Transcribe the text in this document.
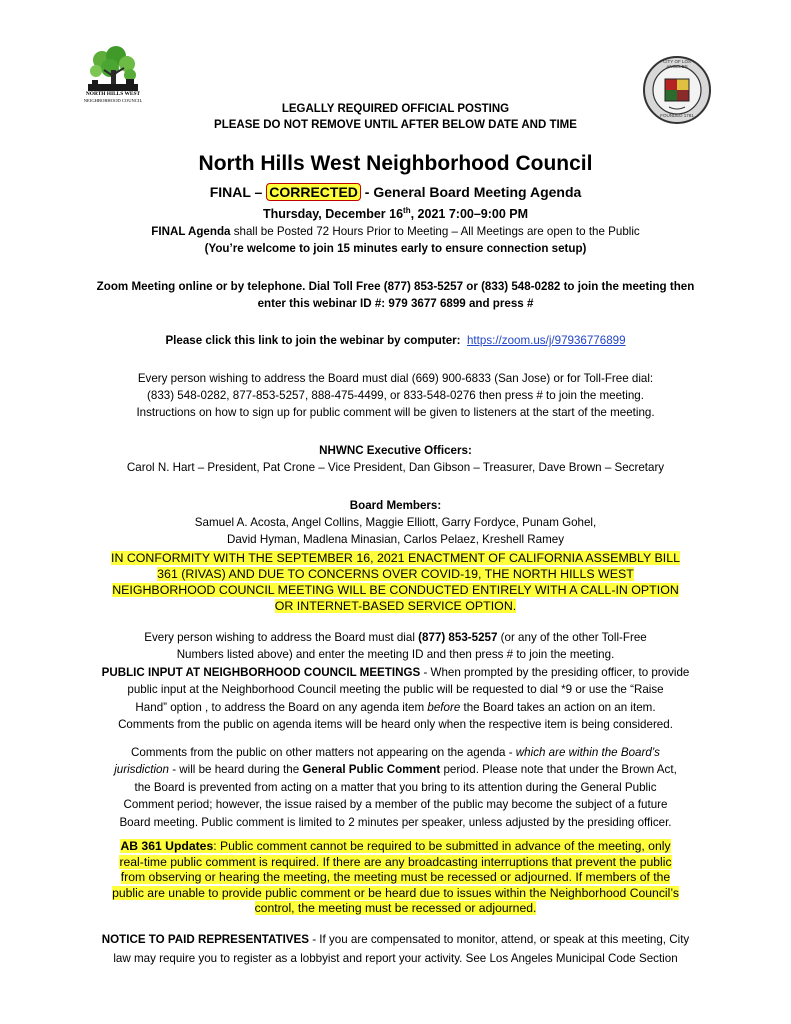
NORTH HILLS WEST
NEIGHBORHOOD COUNCIL
CITY OF LOS ANGELES
FOUNDED 1781
LEGALLY REQUIRED OFFICIAL POSTING
PLEASE DO NOT REMOVE UNTIL AFTER BELOW DATE AND TIME
North Hills West Neighborhood Council
FINAL – CORRECTED - General Board Meeting Agenda
Thursday, December 16th, 2021 7:00–9:00 PM
FINAL Agenda shall be Posted 72 Hours Prior to Meeting – All Meetings are open to the Public
(You’re welcome to join 15 minutes early to ensure connection setup)
Zoom Meeting online or by telephone. Dial Toll Free (877) 853-5257 or (833) 548-0282 to join the meeting then
enter this webinar ID #: 979 3677 6899 and press #
Please click this link to join the webinar by computer: https://zoom.us/j/97936776899
Every person wishing to address the Board must dial (669) 900-6833 (San Jose) or for Toll-Free dial:
(833) 548-0282, 877-853-5257, 888-475-4499, or 833-548-0276 then press # to join the meeting.
Instructions on how to sign up for public comment will be given to listeners at the start of the meeting.
NHWNC Executive Officers:
Carol N. Hart – President, Pat Crone – Vice President, Dan Gibson – Treasurer, Dave Brown – Secretary
Board Members:
Samuel A. Acosta, Angel Collins, Maggie Elliott, Garry Fordyce, Punam Gohel,
David Hyman, Madlena Minasian, Carlos Pelaez, Kreshell Ramey
IN CONFORMITY WITH THE SEPTEMBER 16, 2021 ENACTMENT OF CALIFORNIA ASSEMBLY BILL
361 (RIVAS) AND DUE TO CONCERNS OVER COVID-19, THE NORTH HILLS WEST
NEIGHBORHOOD COUNCIL MEETING WILL BE CONDUCTED ENTIRELY WITH A CALL-IN OPTION
OR INTERNET-BASED SERVICE OPTION.
Every person wishing to address the Board must dial (877) 853-5257 (or any of the other Toll-Free
Numbers listed above) and enter the meeting ID and then press # to join the meeting.
PUBLIC INPUT AT NEIGHBORHOOD COUNCIL MEETINGS - When prompted by the presiding officer, to provide
public input at the Neighborhood Council meeting the public will be requested to dial *9 or use the “Raise
Hand” option , to address the Board on any agenda item before the Board takes an action on an item.
Comments from the public on agenda items will be heard only when the respective item is being considered.
Comments from the public on other matters not appearing on the agenda - which are within the Board’s
jurisdiction - will be heard during the General Public Comment period. Please note that under the Brown Act,
the Board is prevented from acting on a matter that you bring to its attention during the General Public
Comment period; however, the issue raised by a member of the public may become the subject of a future
Board meeting. Public comment is limited to 2 minutes per speaker, unless adjusted by the presiding officer.
AB 361 Updates: Public comment cannot be required to be submitted in advance of the meeting, only
real-time public comment is required. If there are any broadcasting interruptions that prevent the public
from observing or hearing the meeting, the meeting must be recessed or adjourned. If members of the
public are unable to provide public comment or be heard due to issues within the Neighborhood Council’s
control, the meeting must be recessed or adjourned.
NOTICE TO PAID REPRESENTATIVES - If you are compensated to monitor, attend, or speak at this meeting, City
law may require you to register as a lobbyist and report your activity. See Los Angeles Municipal Code Section
